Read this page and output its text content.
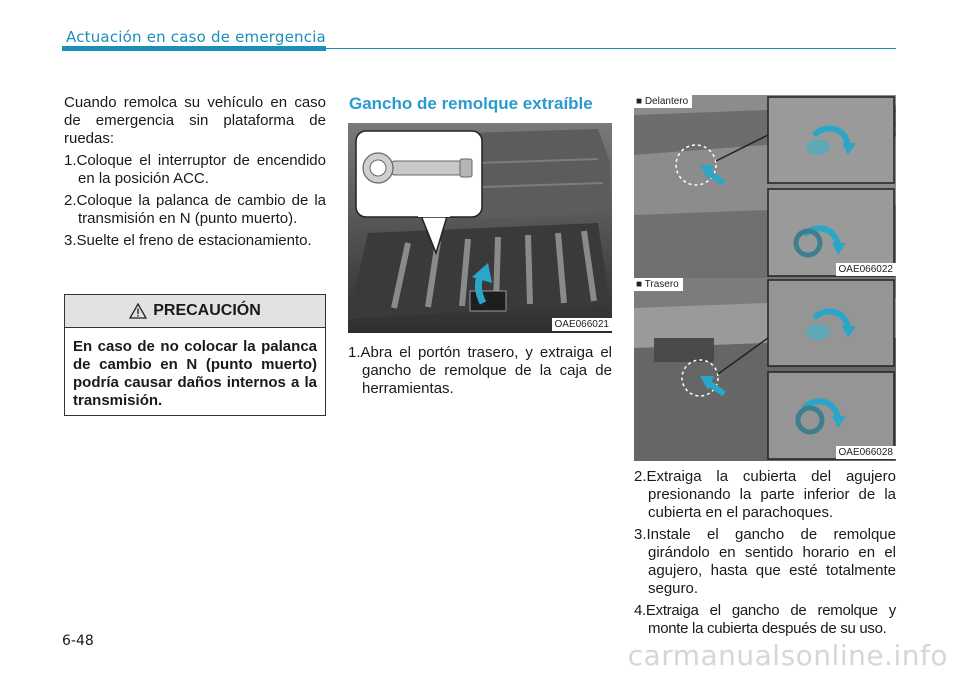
Actuación en caso de emergencia

Cuando remolca su vehículo en caso de emergencia sin plataforma de ruedas:

1.Coloque el interruptor de encendido en la posición ACC.

2.Coloque la palanca de cambio de la transmisión en N (punto muerto).

3.Suelte el freno de estacionamiento.

PRECAUCIÓN
En caso de no colocar la palanca de cambio en N (punto muerto) podría causar daños internos a la transmisión.
Gancho de remolque extraíble
OAE066021

1.Abra el portón trasero, y extraiga el gancho de remolque de la caja de herramientas.

■ Delantero
OAE066022
■ Trasero
OAE066028

2.Extraiga la cubierta del agujero presionando la parte inferior de la cubierta en el parachoques.

3.Instale el gancho de remolque girándolo en sentido horario en el agujero, hasta que esté totalmente seguro.

4.Extraiga el gancho de remolque y monte la cubierta después de su uso.

6-48	carmanualsonline.info
